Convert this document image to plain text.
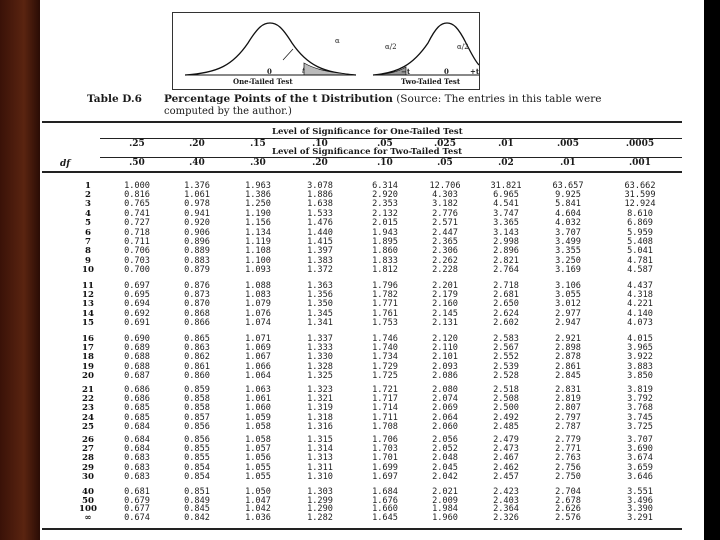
0	t
α
One-Tailed Test
α/2	α/2
−t	0	+t
Two-Tailed Test
Table D.6 Percentage Points of the t Distribution (Source: The entries in this table were
computed by the author.)
Level of Significance for One-Tailed Test
Level of Significance for Two-Tailed Test
df
.25	.20	.15	.10	.05	.025	.01	.005	.0005
.50	.40	.30	.20	.10	.05	.02	.01	.001
1	1.000	1.376	1.963	3.078	6.314	12.706	31.821	63.657	63.662
2	0.816	1.061	1.386	1.886	2.920	4.303	6.965	9.925	31.599
3	0.765	0.978	1.250	1.638	2.353	3.182	4.541	5.841	12.924
4	0.741	0.941	1.190	1.533	2.132	2.776	3.747	4.604	8.610
5	0.727	0.920	1.156	1.476	2.015	2.571	3.365	4.032	6.869
6	0.718	0.906	1.134	1.440	1.943	2.447	3.143	3.707	5.959
7	0.711	0.896	1.119	1.415	1.895	2.365	2.998	3.499	5.408
8	0.706	0.889	1.108	1.397	1.860	2.306	2.896	3.355	5.041
9	0.703	0.883	1.100	1.383	1.833	2.262	2.821	3.250	4.781
10	0.700	0.879	1.093	1.372	1.812	2.228	2.764	3.169	4.587
11	0.697	0.876	1.088	1.363	1.796	2.201	2.718	3.106	4.437
12	0.695	0.873	1.083	1.356	1.782	2.179	2.681	3.055	4.318
13	0.694	0.870	1.079	1.350	1.771	2.160	2.650	3.012	4.221
14	0.692	0.868	1.076	1.345	1.761	2.145	2.624	2.977	4.140
15	0.691	0.866	1.074	1.341	1.753	2.131	2.602	2.947	4.073
16	0.690	0.865	1.071	1.337	1.746	2.120	2.583	2.921	4.015
17	0.689	0.863	1.069	1.333	1.740	2.110	2.567	2.898	3.965
18	0.688	0.862	1.067	1.330	1.734	2.101	2.552	2.878	3.922
19	0.688	0.861	1.066	1.328	1.729	2.093	2.539	2.861	3.883
20	0.687	0.860	1.064	1.325	1.725	2.086	2.528	2.845	3.850
21	0.686	0.859	1.063	1.323	1.721	2.080	2.518	2.831	3.819
22	0.686	0.858	1.061	1.321	1.717	2.074	2.508	2.819	3.792
23	0.685	0.858	1.060	1.319	1.714	2.069	2.500	2.807	3.768
24	0.685	0.857	1.059	1.318	1.711	2.064	2.492	2.797	3.745
25	0.684	0.856	1.058	1.316	1.708	2.060	2.485	2.787	3.725
26	0.684	0.856	1.058	1.315	1.706	2.056	2.479	2.779	3.707
27	0.684	0.855	1.057	1.314	1.703	2.052	2.473	2.771	3.690
28	0.683	0.855	1.056	1.313	1.701	2.048	2.467	2.763	3.674
29	0.683	0.854	1.055	1.311	1.699	2.045	2.462	2.756	3.659
30	0.683	0.854	1.055	1.310	1.697	2.042	2.457	2.750	3.646
40	0.681	0.851	1.050	1.303	1.684	2.021	2.423	2.704	3.551
50	0.679	0.849	1.047	1.299	1.676	2.009	2.403	2.678	3.496
100	0.677	0.845	1.042	1.290	1.660	1.984	2.364	2.626	3.390
∞	0.674	0.842	1.036	1.282	1.645	1.960	2.326	2.576	3.291
